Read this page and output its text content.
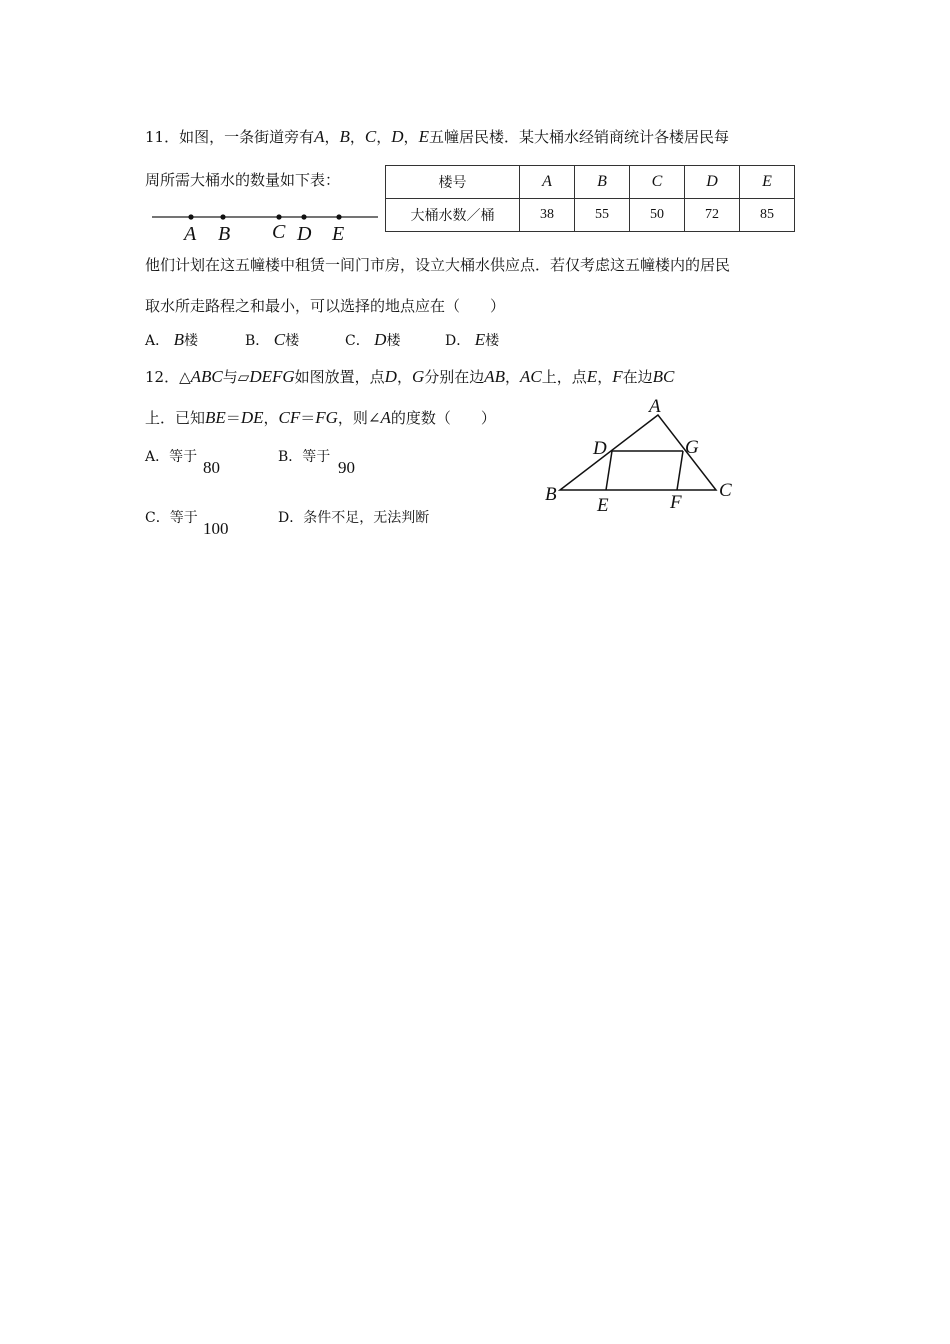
11．如图，一条街道旁有A，B，C，D，E五幢居民楼．某大桶水经销商统计各楼居民每
周所需大桶水的数量如下表：
A B C D E
楼号	A	B	C	D	E
大桶水数／桶	38	55	50	72	85
他们计划在这五幢楼中租赁一间门市房，设立大桶水供应点．若仅考虑这五幢楼内的居民
取水所走路程之和最小，可以选择的地点应在（　　）
A． B楼	B． C楼	C． D楼	D． E楼
12．△ABC与▱DEFG如图放置，点D，G分别在边AB，AC上，点E，F在边BC
上．已知BE＝DE，CF＝FG，则∠A的度数（　　）
A．等于
80
B．等于
90
C．等于
100
D．条件不足，无法判断
A
B	C
D
E	F
G
